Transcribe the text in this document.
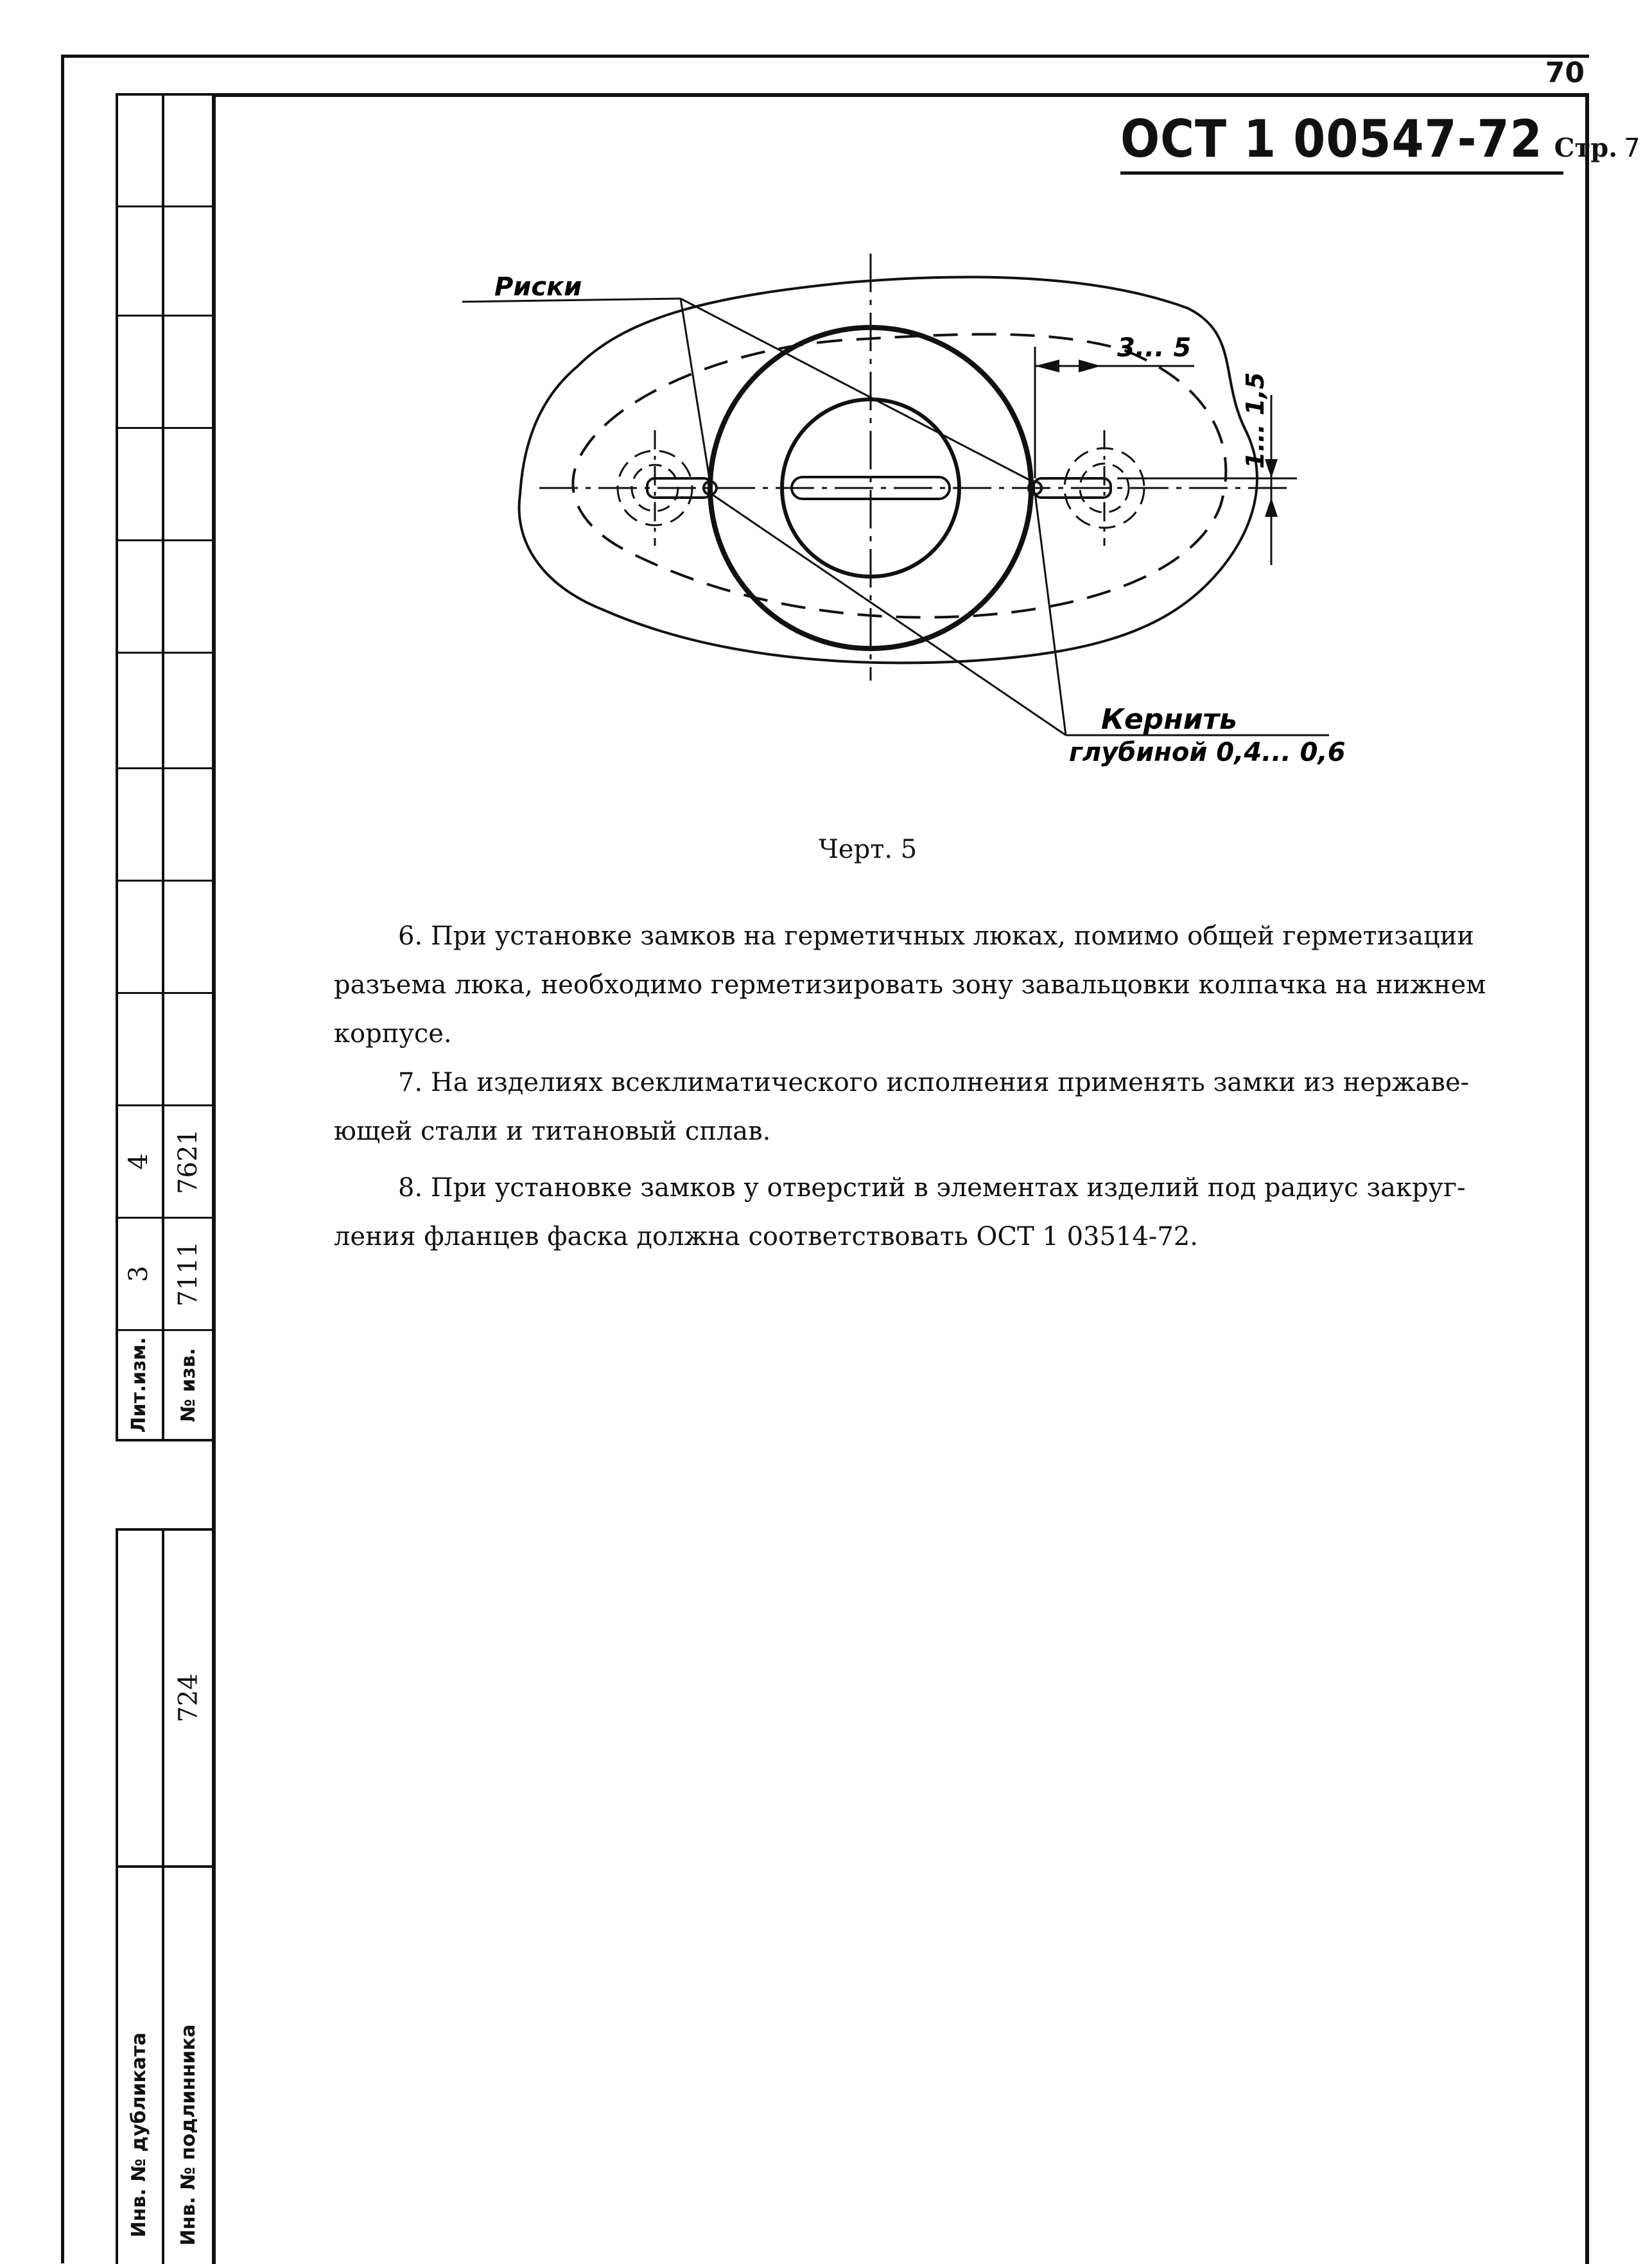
70
ОСТ 1 00547-72 Стр. 7
4 7621
3 7111
Лит.изм.	№ изв.
724
Инв. № дубликата	Инв. № подлинника
Риски
3... 5
1... 1,5
Кернить
глубиной 0,4... 0,6
Черт. 5
6. При установке замков на герметичных люках, помимо общей герметизации
разъема люка, необходимо герметизировать зону завальцовки колпачка на нижнем
корпусе.
7. На изделиях всеклиматического исполнения применять замки из нержаве-
ющей стали и титановый сплав.
8. При установке замков у отверстий в элементах изделий под радиус закруг-
ления фланцев фаска должна соответствовать ОСТ 1 03514-72.
